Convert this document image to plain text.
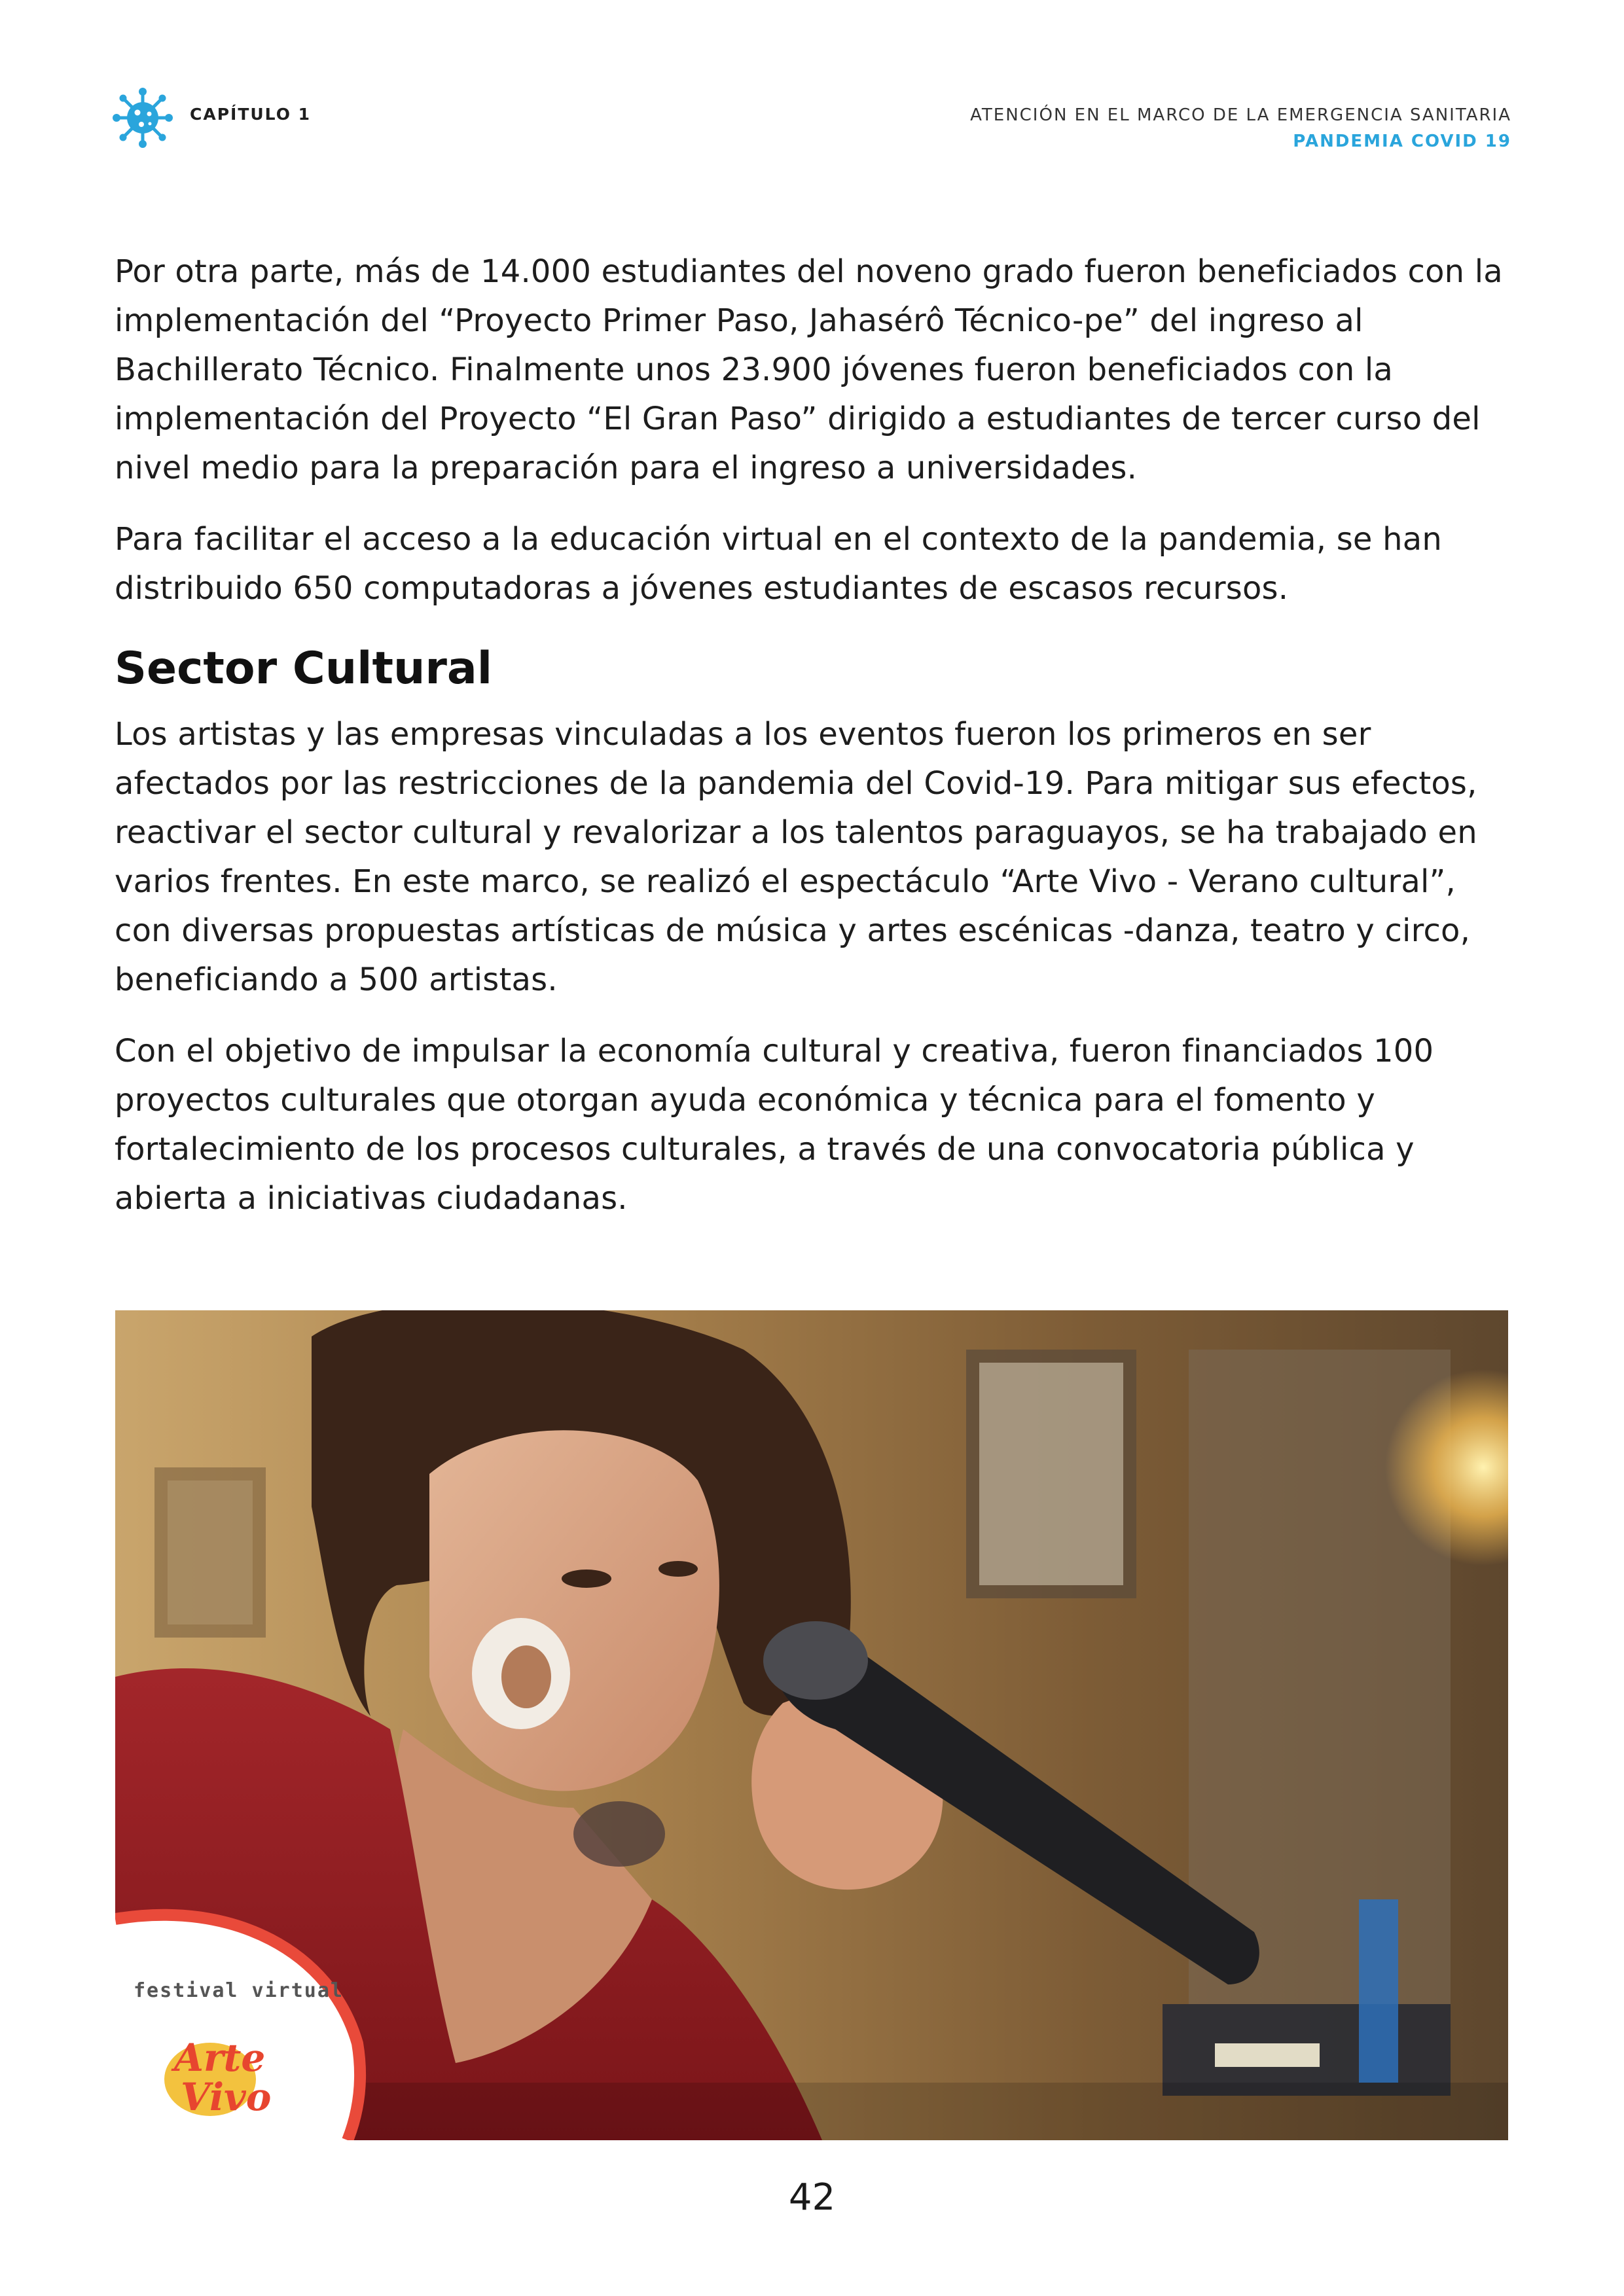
CAPÍTULO 1	ATENCIÓN EN EL MARCO DE LA EMERGENCIA SANITARIA
PANDEMIA COVID 19

Por otra parte, más de 14.000 estudiantes del noveno grado fueron beneficiados con la implementación del “Proyecto Primer Paso, Jahasérô Técnico-pe” del ingreso al Bachillerato Técnico. Finalmente unos 23.900 jóvenes fueron beneficiados con la implementación del Proyecto “El Gran Paso” dirigido a estudiantes de tercer curso del nivel medio para la preparación para el ingreso a universidades.

Para facilitar el acceso a la educación virtual en el contexto de la pandemia, se han distribuido 650 computadoras a jóvenes estudiantes de escasos recursos.

Sector Cultural

Los artistas y las empresas vinculadas a los eventos fueron los primeros en ser afectados por las restricciones de la pandemia del Covid-19. Para mitigar sus efectos, reactivar el sector cultural y revalorizar a los talentos paraguayos, se ha trabajado en varios frentes. En este marco, se realizó el espectáculo “Arte Vivo - Verano cultural”, con diversas propuestas artísticas de música y artes escénicas -danza, teatro y circo, beneficiando a 500 artistas.

Con el objetivo de impulsar la economía cultural y creativa, fueron financiados 100 proyectos culturales que otorgan ayuda económica y técnica para el fomento y fortalecimiento de los procesos culturales, a través de una convocatoria pública y abierta a iniciativas ciudadanas.

festival virtual
Arte
Vivo
42
